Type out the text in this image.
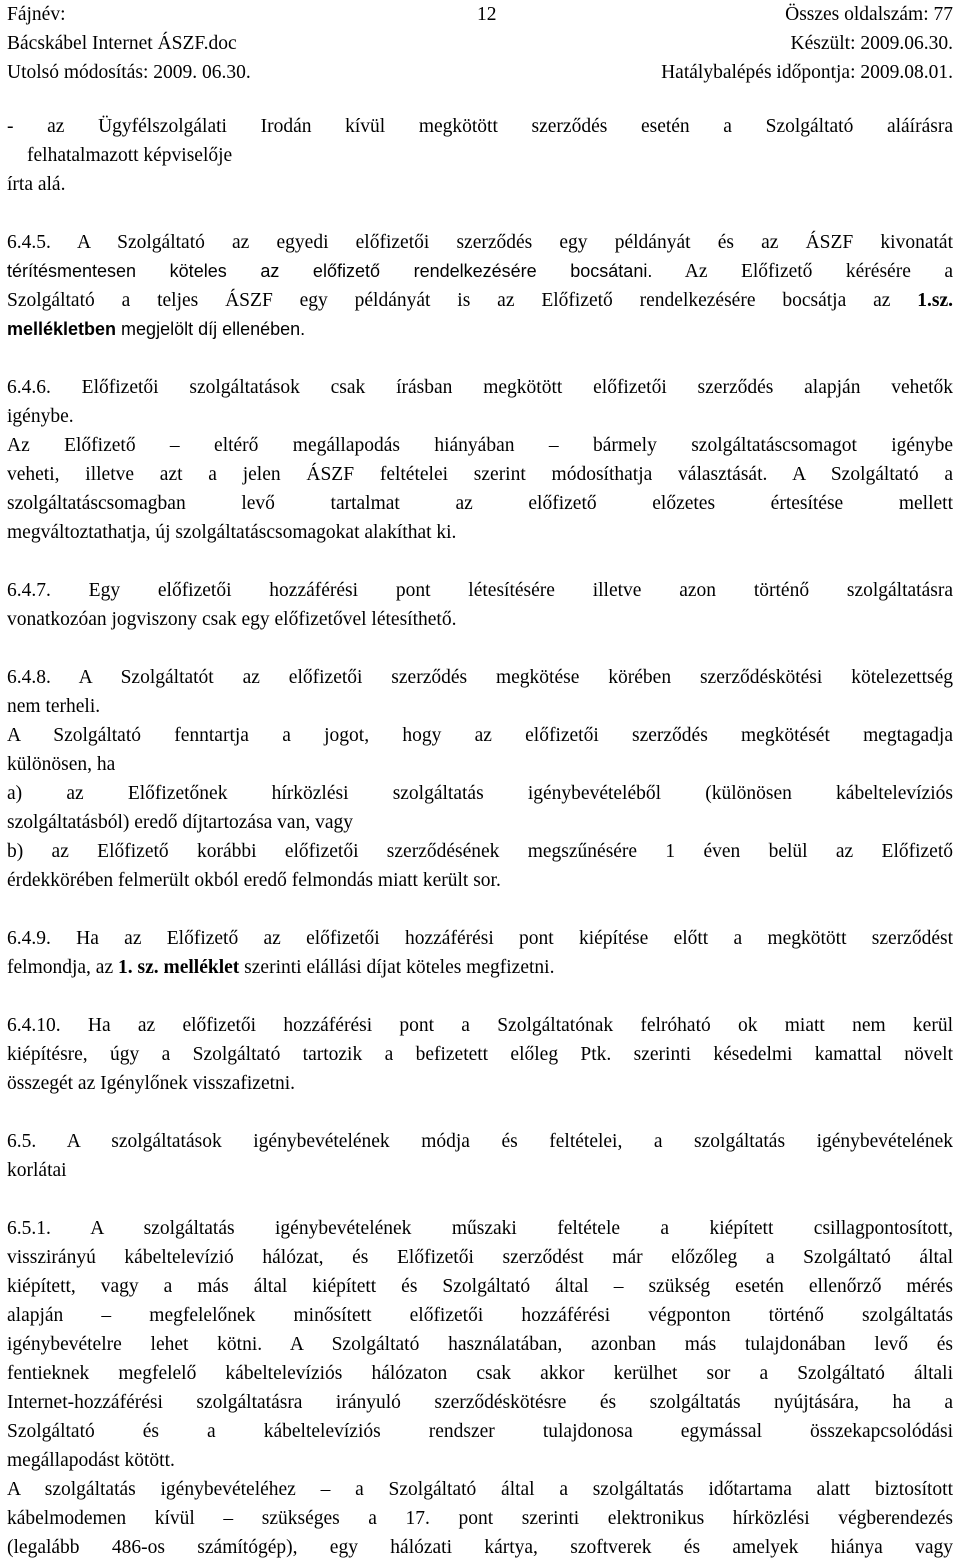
Fájnév:	Összes oldalszám: 77
12
Bácskábel Internet ÁSZF.doc	Készült: 2009.06.30.
Utolsó módosítás: 2009. 06.30.	Hatálybalépés időpontja: 2009.08.01.

- az Ügyfélszolgálati Irodán kívül megkötött szerződés esetén a Szolgáltató aláírásra

felhatalmazott képviselője

írta alá.

6.4.5. A Szolgáltató az egyedi előfizetői szerződés egy példányát és az ÁSZF kivonatát

térítésmentesen köteles az előfizető rendelkezésére bocsátani. Az Előfizető kérésére a

Szolgáltató a teljes ÁSZF egy példányát is az Előfizető rendelkezésére bocsátja az 1.sz.

mellékletben megjelölt díj ellenében.

6.4.6. Előfizetői szolgáltatások csak írásban megkötött előfizetői szerződés alapján vehetők

igénybe.

Az Előfizető – eltérő megállapodás hiányában – bármely szolgáltatáscsomagot igénybe

veheti, illetve azt a jelen ÁSZF feltételei szerint módosíthatja választását. A Szolgáltató a

szolgáltatáscsomagban levő tartalmat az előfizető előzetes értesítése mellett

megváltoztathatja, új szolgáltatáscsomagokat alakíthat ki.

6.4.7. Egy előfizetői hozzáférési pont létesítésére illetve azon történő szolgáltatásra

vonatkozóan jogviszony csak egy előfizetővel létesíthető.

6.4.8. A Szolgáltatót az előfizetői szerződés megkötése körében szerződéskötési kötelezettség

nem terheli.

A Szolgáltató fenntartja a jogot, hogy az előfizetői szerződés megkötését megtagadja

különösen, ha

a) az Előfizetőnek hírközlési szolgáltatás igénybevételéből (különösen kábeltelevíziós

szolgáltatásból) eredő díjtartozása van, vagy

b) az Előfizető korábbi előfizetői szerződésének megszűnésére 1 éven belül az Előfizető

érdekkörében felmerült okból eredő felmondás miatt került sor.

6.4.9. Ha az Előfizető az előfizetői hozzáférési pont kiépítése előtt a megkötött szerződést

felmondja, az 1. sz. melléklet szerinti elállási díjat köteles megfizetni.

6.4.10. Ha az előfizetői hozzáférési pont a Szolgáltatónak felróható ok miatt nem kerül

kiépítésre, úgy a Szolgáltató tartozik a befizetett előleg Ptk. szerinti késedelmi kamattal növelt

összegét az Igénylőnek visszafizetni.

6.5. A szolgáltatások igénybevételének módja és feltételei, a szolgáltatás igénybevételének

korlátai

6.5.1. A szolgáltatás igénybevételének műszaki feltétele a kiépített csillagpontosított,

visszirányú kábeltelevízió hálózat, és Előfizetői szerződést már előzőleg a Szolgáltató által

kiépített, vagy a más által kiépített és Szolgáltató által – szükség esetén ellenőrző mérés

alapján – megfelelőnek minősített előfizetői hozzáférési végponton történő szolgáltatás

igénybevételre lehet kötni. A Szolgáltató használatában, azonban más tulajdonában levő és

fentieknek megfelelő kábeltelevíziós hálózaton csak akkor kerülhet sor a Szolgáltató általi

Internet-hozzáférési szolgáltatásra irányuló szerződéskötésre és szolgáltatás nyújtására, ha a

Szolgáltató és a kábeltelevíziós rendszer tulajdonosa egymással összekapcsolódási

megállapodást kötött.

A szolgáltatás igénybevételéhez – a Szolgáltató által a szolgáltatás időtartama alatt biztosított

kábelmodemen kívül – szükséges a 17. pont szerinti elektronikus hírközlési végberendezés

(legalább 486-os számítógép), egy hálózati kártya, szoftverek és amelyek hiánya vagy
